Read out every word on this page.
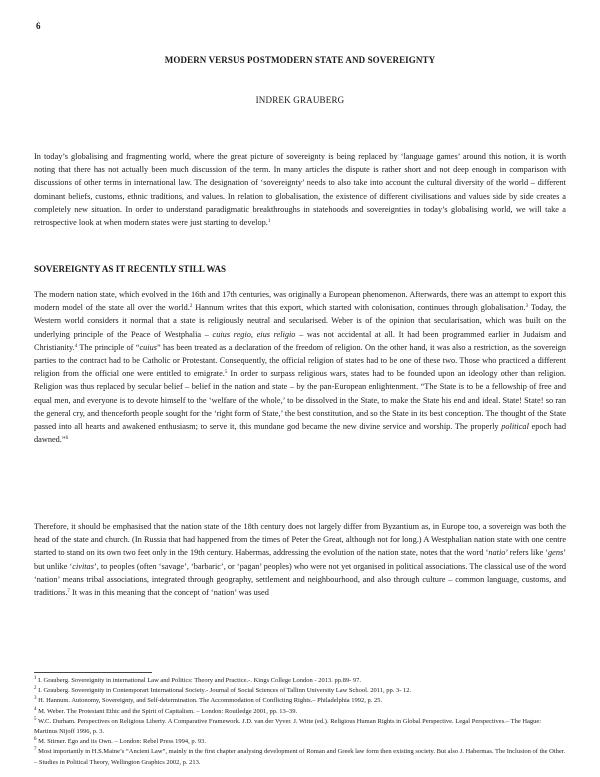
6
MODERN VERSUS POSTMODERN STATE AND SOVEREIGNTY
INDREK GRAUBERG

In today’s globalising and fragmenting world, where the great picture of sovereignty is being replaced by ‘language games’ around this notion, it is worth noting that there has not actually been much discussion of the term. In many articles the dispute is rather short and not deep enough in comparison with discussions of other terms in international law. The designation of ‘sovereignty’ needs to also take into account the cultural diversity of the world – different dominant beliefs, customs, ethnic traditions, and values. In relation to globalisation, the existence of different civilisations and values side by side creates a completely new situation. In order to understand paradigmatic breakthroughs in statehoods and sovereignties in today’s globalising world, we will take a retrospective look at when modern states were just starting to develop.$^1$

SOVEREIGNTY AS IT RECENTLY STILL WAS

The modern nation state, which evolved in the 16th and 17th centuries, was originally a European phenomenon. Afterwards, there was an attempt to export this modern model of the state all over the world.$^2$ Hannum writes that this export, which started with colonisation, continues through globalisation.$^3$ Today, the Western world considers it normal that a state is religiously neutral and secularised. Weber is of the opinion that secularisation, which was built on the underlying principle of the Peace of Westphalia – cuius regio, eius religio – was not accidental at all. It had been programmed earlier in Judaism and Christianity.$^4$ The principle of “cuius” has been treated as a declaration of the freedom of religion. On the other hand, it was also a restriction, as the sovereign parties to the contract had to be Catholic or Protestant. Consequently, the official religion of states had to be one of these two. Those who practiced a different religion from the official one were entitled to emigrate.$^5$ In order to surpass religious wars, states had to be founded upon an ideology other than religion. Religion was thus replaced by secular belief – belief in the nation and state – by the pan-European enlightenment. “The State is to be a fellowship of free and equal men, and everyone is to devote himself to the ‘welfare of the whole,’ to be dissolved in the State, to make the State his end and ideal. State! State! so ran the general cry, and thenceforth people sought for the ‘right form of State,’ the best constitution, and so the State in its best conception. The thought of the State passed into all hearts and awakened enthusiasm; to serve it, this mundane god became the new divine service and worship. The properly political epoch had dawned.”$^6$

Therefore, it should be emphasised that the nation state of the 18th century does not largely differ from Byzantium as, in Europe too, a sovereign was both the head of the state and church. (In Russia that had happened from the times of Peter the Great, although not for long.) A Westphalian nation state with one centre started to stand on its own two feet only in the 19th century. Habermas, addressing the evolution of the nation state, notes that the word ‘natio’ refers like ‘gens’ but unlike ‘civitas’, to peoples (often ‘savage’, ‘barbaric’, or ‘pagan’ peoples) who were not yet organised in political associations. The classical use of the word ‘nation’ means tribal associations, integrated through geography, settlement and neighbourhood, and also through culture – common language, customs, and traditions.$^7$ It was in this meaning that the concept of ‘nation’ was used

$^1$ I. Grauberg. Sovereignity in international Law and Politics: Theory and Practice.-. Kings College London - 2013. pp.89- 97.

$^2$ I. Grauberg. Sovereignity in Contemporart International Society.- Journal of Social Sciences of Tallinn University Law School. 2011, pp. 3- 12.

$^3$ H. Hannum. Autonomy, Sovereignty, and Self-determination. The Accommodation of Conflicting Rights.– Philadelphia 1992, p. 25.

$^4$ M. Weber. The Protestant Ethic and the Spirit of Capitalism. – London: Routledge 2001, pp. 13–39.

$^5$ W.C. Durham. Perspectives on Religious Liberty. A Comparative Framework. J.D. van der Vyver. J. Witte (ed.). Religious Human Rights in Global Perspective. Legal Perspectives.– The Hague: Martinus Nijoff 1996, p. 3.

$^6$ M. Stirner. Ego and its Own. – London: Rebel Press 1994, p. 93.

$^7$ Most importantly in H.S.Maine’s “Ancient Law”, mainly in the first chapter analysing development of Roman and Greek law form then existing society. But also J. Habermas. The Inclusion of the Other. – Studies in Political Theory, Wellington Graphics 2002, p. 213.
